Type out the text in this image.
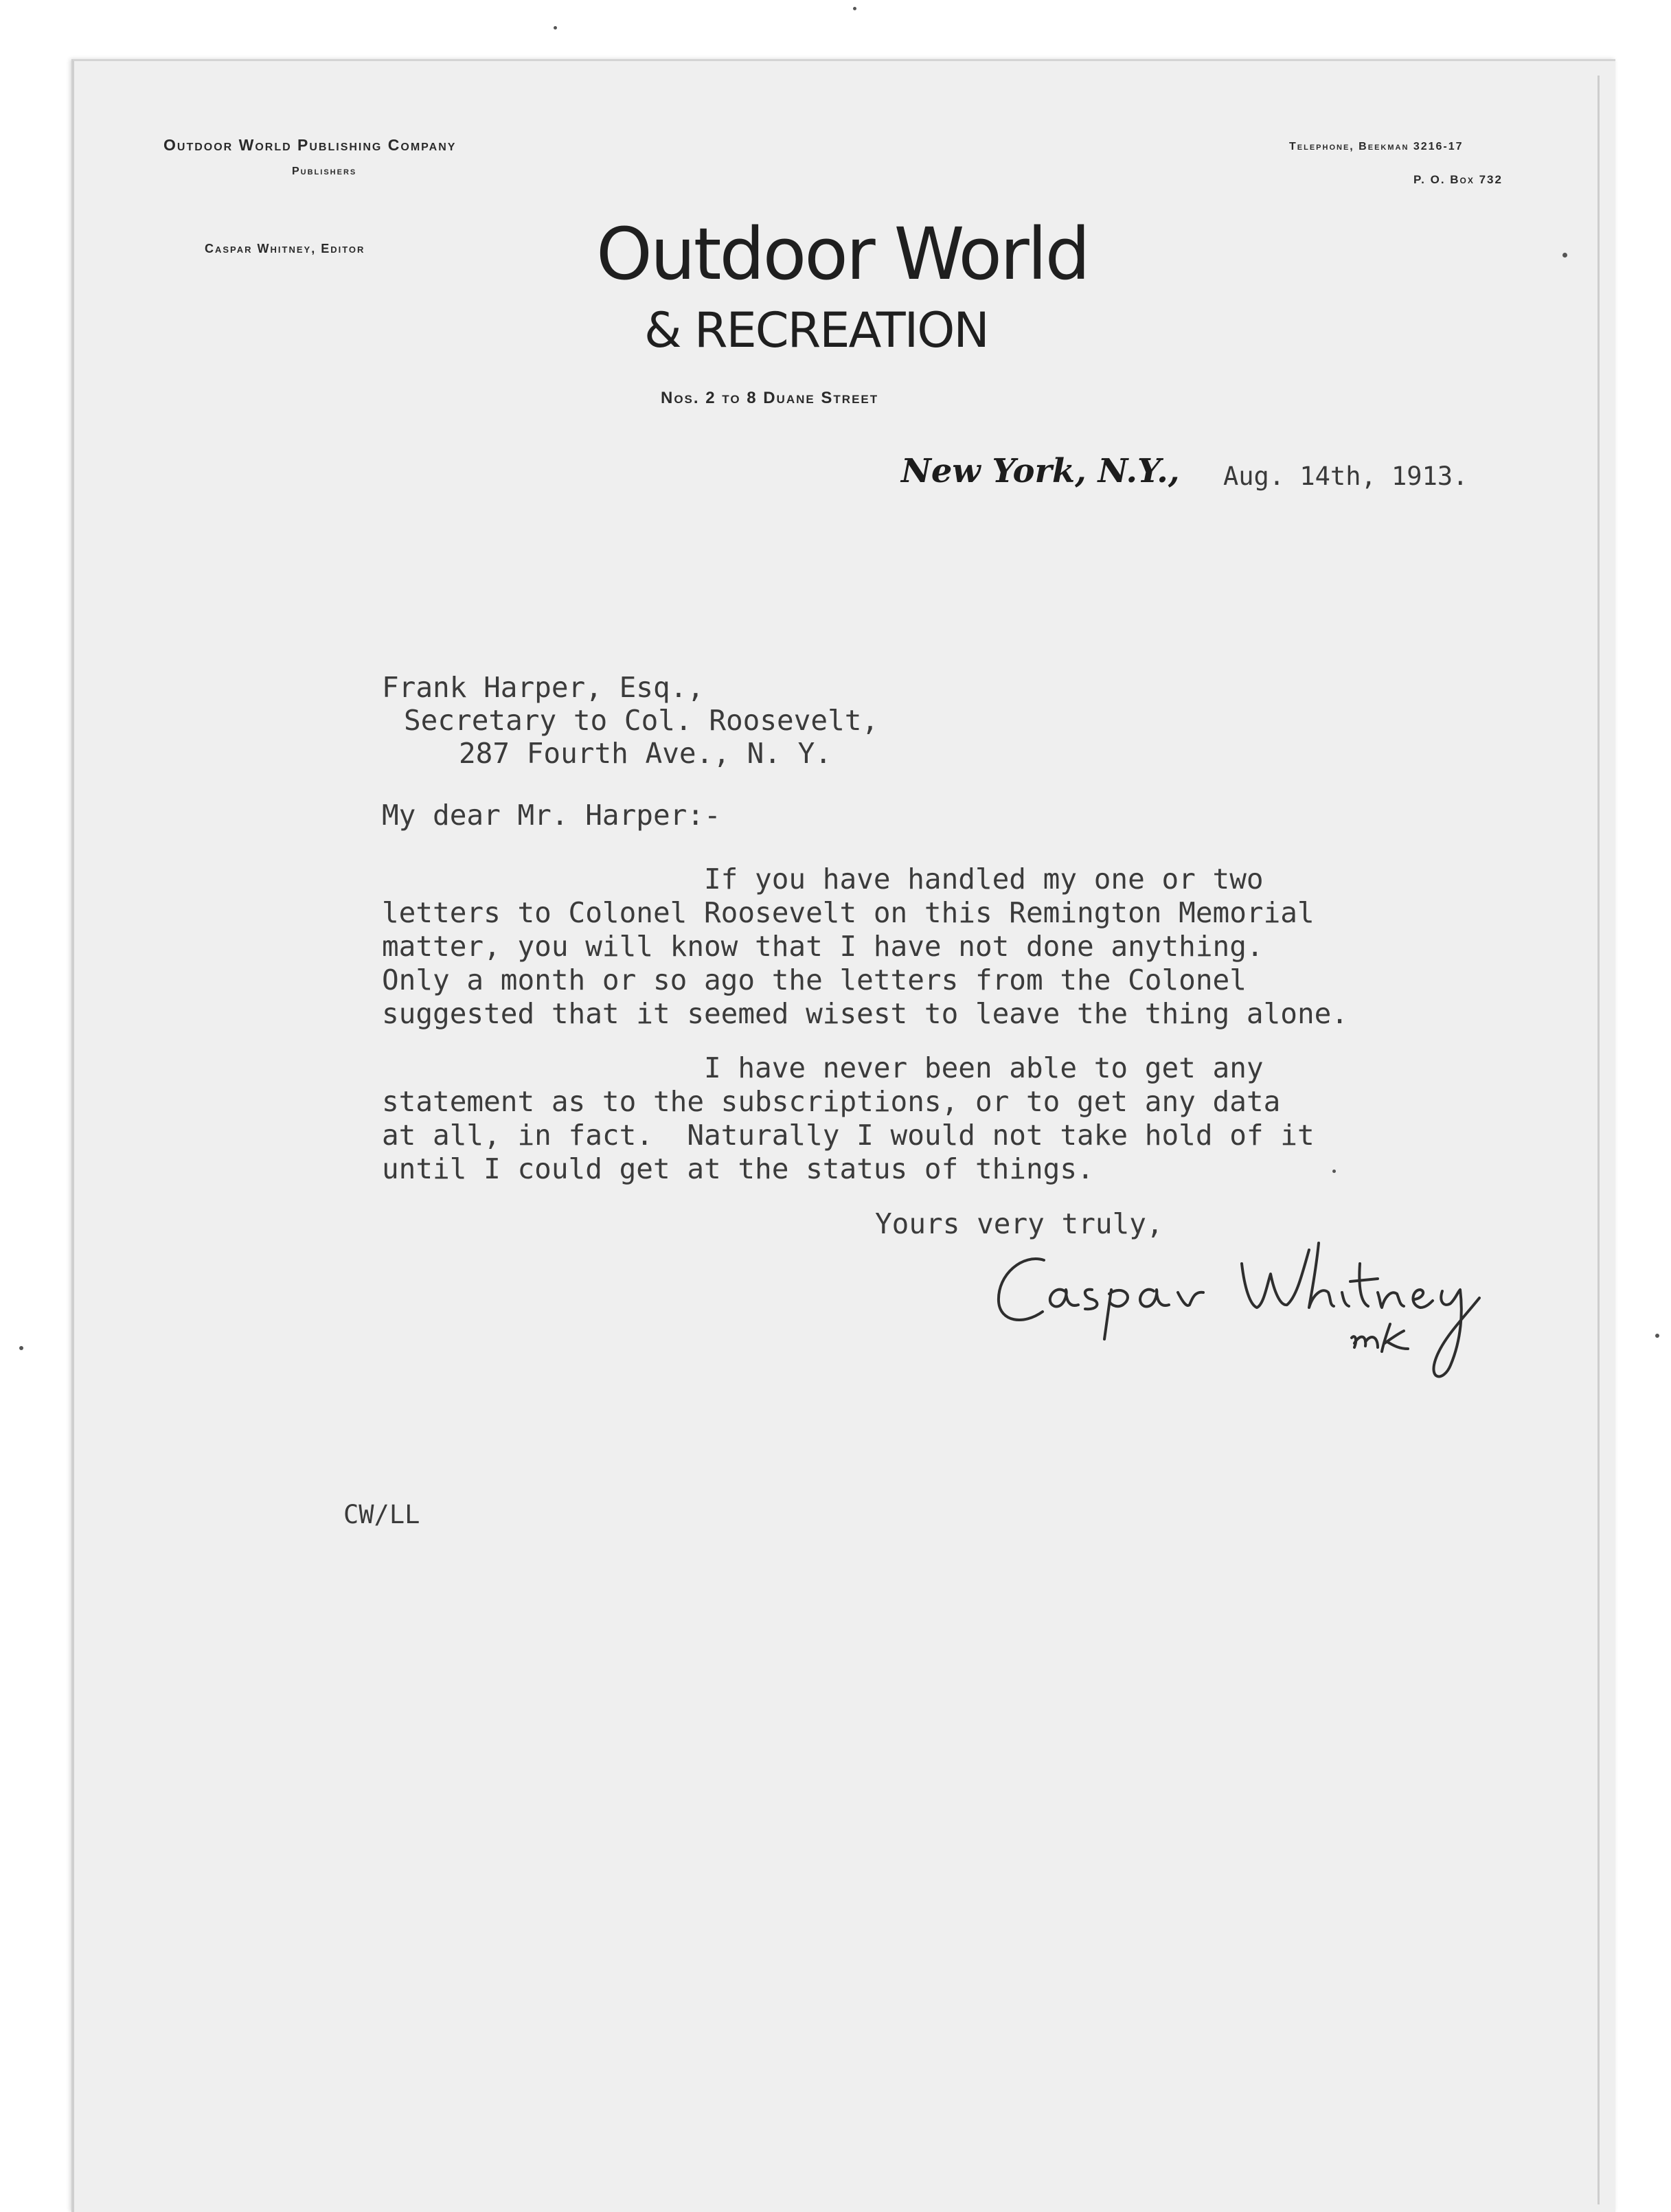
Outdoor World Publishing Company
Publishers
Caspar Whitney, Editor
Telephone, Beekman 3216-17
P. O. Box 732
Outdoor World
& RECREATION
Nos. 2 to 8 Duane Street
New York, N.Y., Aug. 14th, 1913.
Frank Harper, Esq.,
Secretary to Col. Roosevelt,
287 Fourth Ave., N. Y.
My dear Mr. Harper:-
If you have handled my one or two
letters to Colonel Roosevelt on this Remington Memorial
matter, you will know that I have not done anything.
Only a month or so ago the letters from the Colonel
suggested that it seemed wisest to leave the thing alone.
I have never been able to get any
statement as to the subscriptions, or to get any data
at all, in fact.  Naturally I would not take hold of it
until I could get at the status of things.
Yours very truly,
CW/LL
